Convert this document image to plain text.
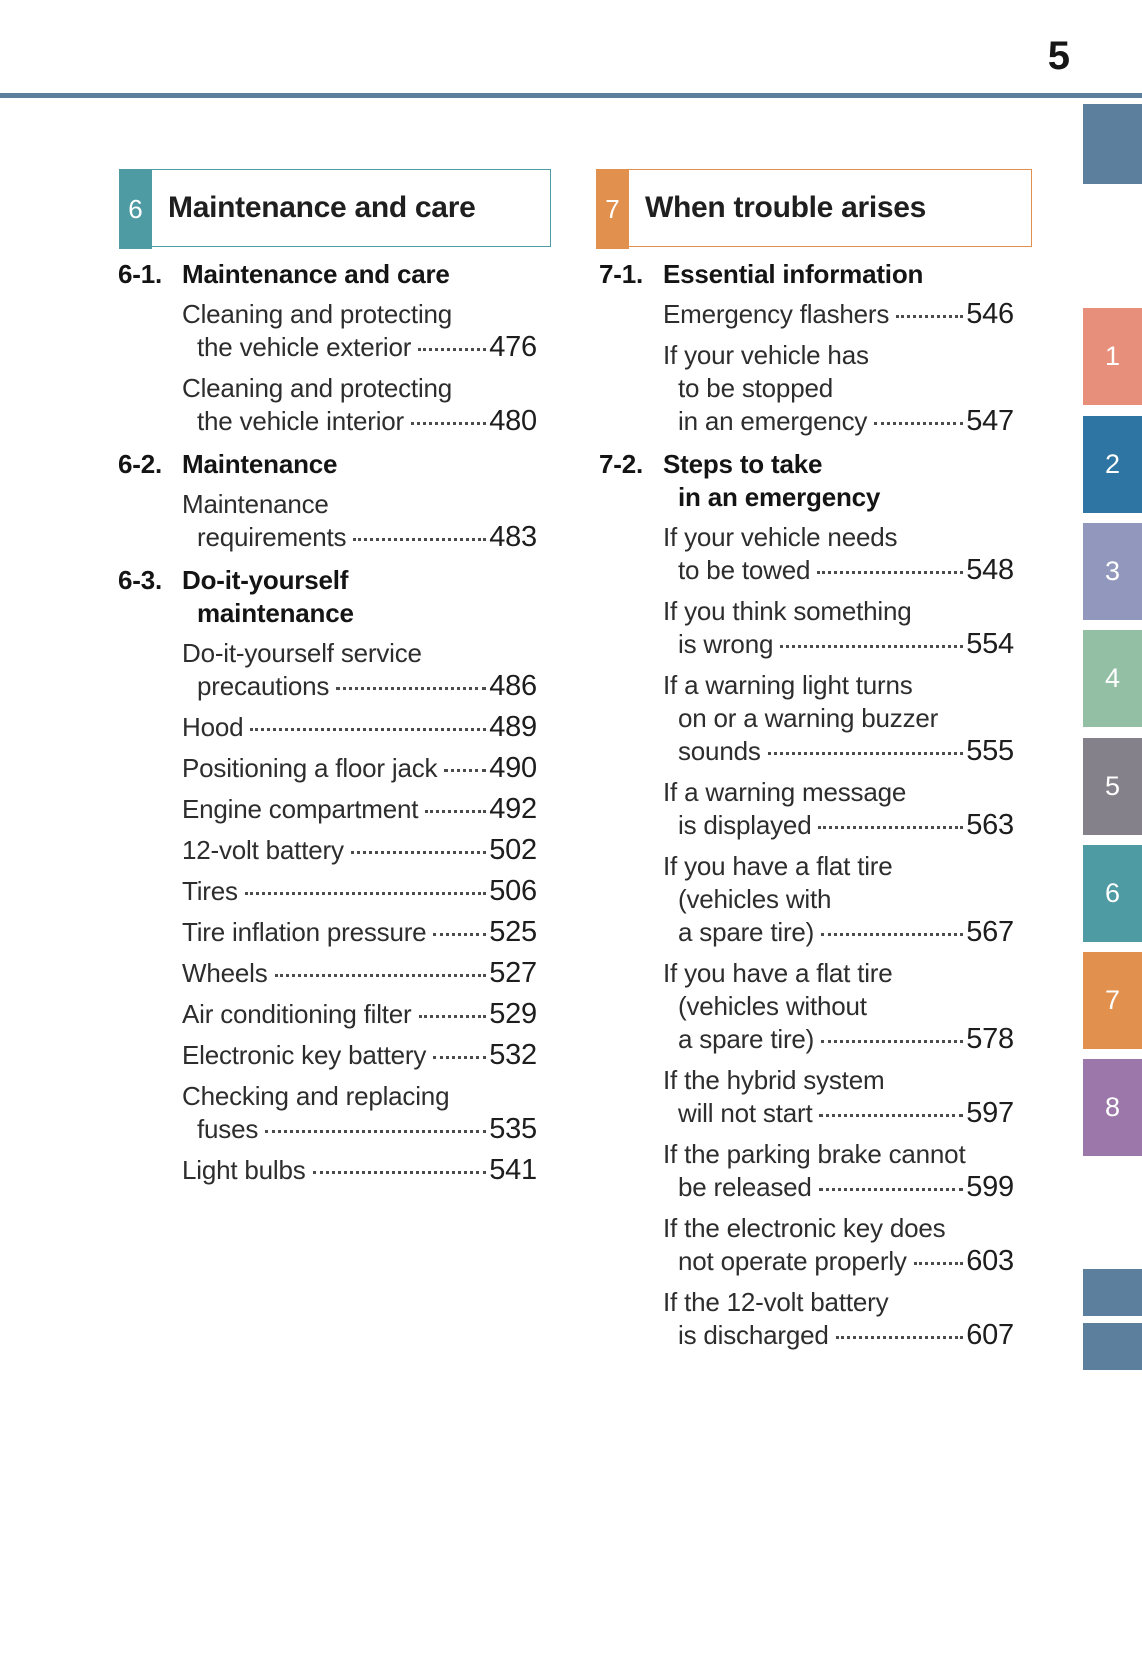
5
6 Maintenance and care	7 When trouble arises
6-1. Maintenance and care
Cleaning and protecting
the vehicle exterior	476
Cleaning and protecting
the vehicle interior	480
6-2. Maintenance
Maintenance
requirements	483
6-3. Do-it-yourself
maintenance
Do-it-yourself service
precautions	486
Hood	489
Positioning a floor jack 490
Engine compartment 492
12-volt battery	502
Tires	506
Tire inflation pressure 525
Wheels	527
Air conditioning filter	529
Electronic key battery 532
Checking and replacing
fuses	535
Light bulbs	541
7-1. Essential information
Emergency flashers	546
If your vehicle has
to be stopped
in an emergency	547
7-2. Steps to take
in an emergency
If your vehicle needs
to be towed	548
If you think something
is wrong	554
If a warning light turns
on or a warning buzzer
sounds	555
If a warning message
is displayed	563
If you have a flat tire
(vehicles with
a spare tire)	567
If you have a flat tire
(vehicles without
a spare tire)	578
If the hybrid system
will not start	597
If the parking brake cannot
be released	599
If the electronic key does
not operate properly 603
If the 12-volt battery
is discharged	607
1
2
3
4
5
6
7
8
